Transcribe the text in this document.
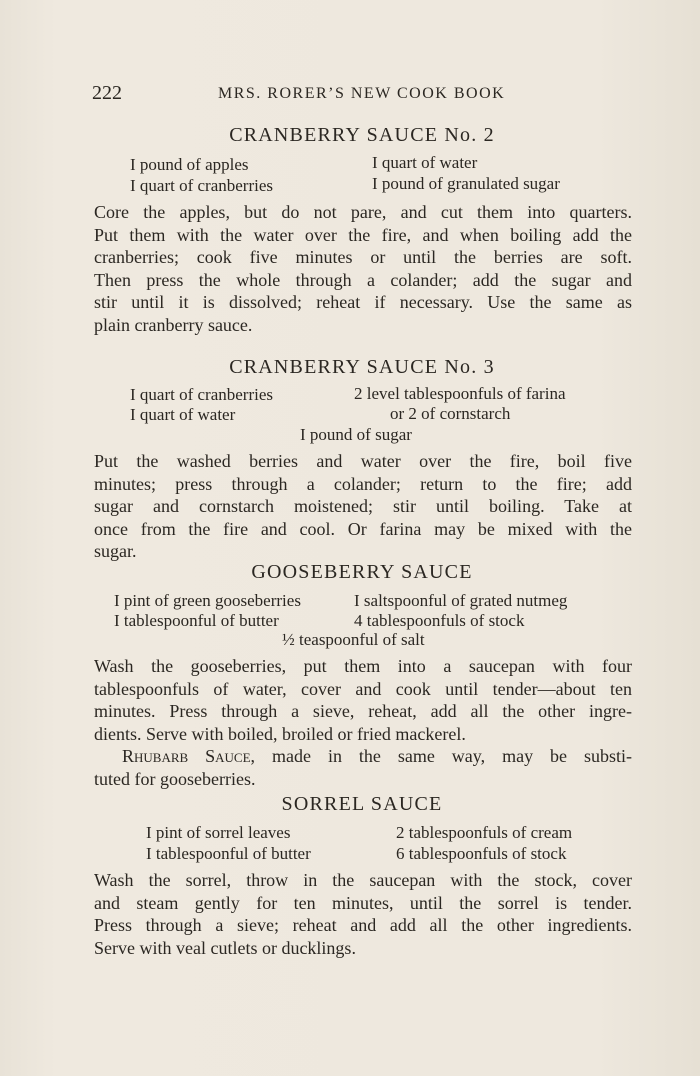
222	MRS. RORER’S NEW COOK BOOK
CRANBERRY SAUCE No. 2
I pound of apples	I quart of water
I quart of cranberries	I pound of granulated sugar
Core the apples, but do not pare, and cut them into quarters.
Put them with the water over the fire, and when boiling add the
cranberries; cook five minutes or until the berries are soft.
Then press the whole through a colander; add the sugar and
stir until it is dissolved; reheat if necessary. Use the same as
plain cranberry sauce.
CRANBERRY SAUCE No. 3
I quart of cranberries	2 level tablespoonfuls of farina
I quart of water	or 2 of cornstarch
I pound of sugar
Put the washed berries and water over the fire, boil five
minutes; press through a colander; return to the fire; add
sugar and cornstarch moistened; stir until boiling. Take at
once from the fire and cool. Or farina may be mixed with the
sugar.
GOOSEBERRY SAUCE
I pint of green gooseberries	I saltspoonful of grated nutmeg
I tablespoonful of butter	4 tablespoonfuls of stock
½ teaspoonful of salt
Wash the gooseberries, put them into a saucepan with four
tablespoonfuls of water, cover and cook until tender—about ten
minutes. Press through a sieve, reheat, add all the other ingre-
dients. Serve with boiled, broiled or fried mackerel.
Rhubarb Sauce, made in the same way, may be substi-
tuted for gooseberries.
SORREL SAUCE
I pint of sorrel leaves	2 tablespoonfuls of cream
I tablespoonful of butter	6 tablespoonfuls of stock
Wash the sorrel, throw in the saucepan with the stock, cover
and steam gently for ten minutes, until the sorrel is tender.
Press through a sieve; reheat and add all the other ingredients.
Serve with veal cutlets or ducklings.
